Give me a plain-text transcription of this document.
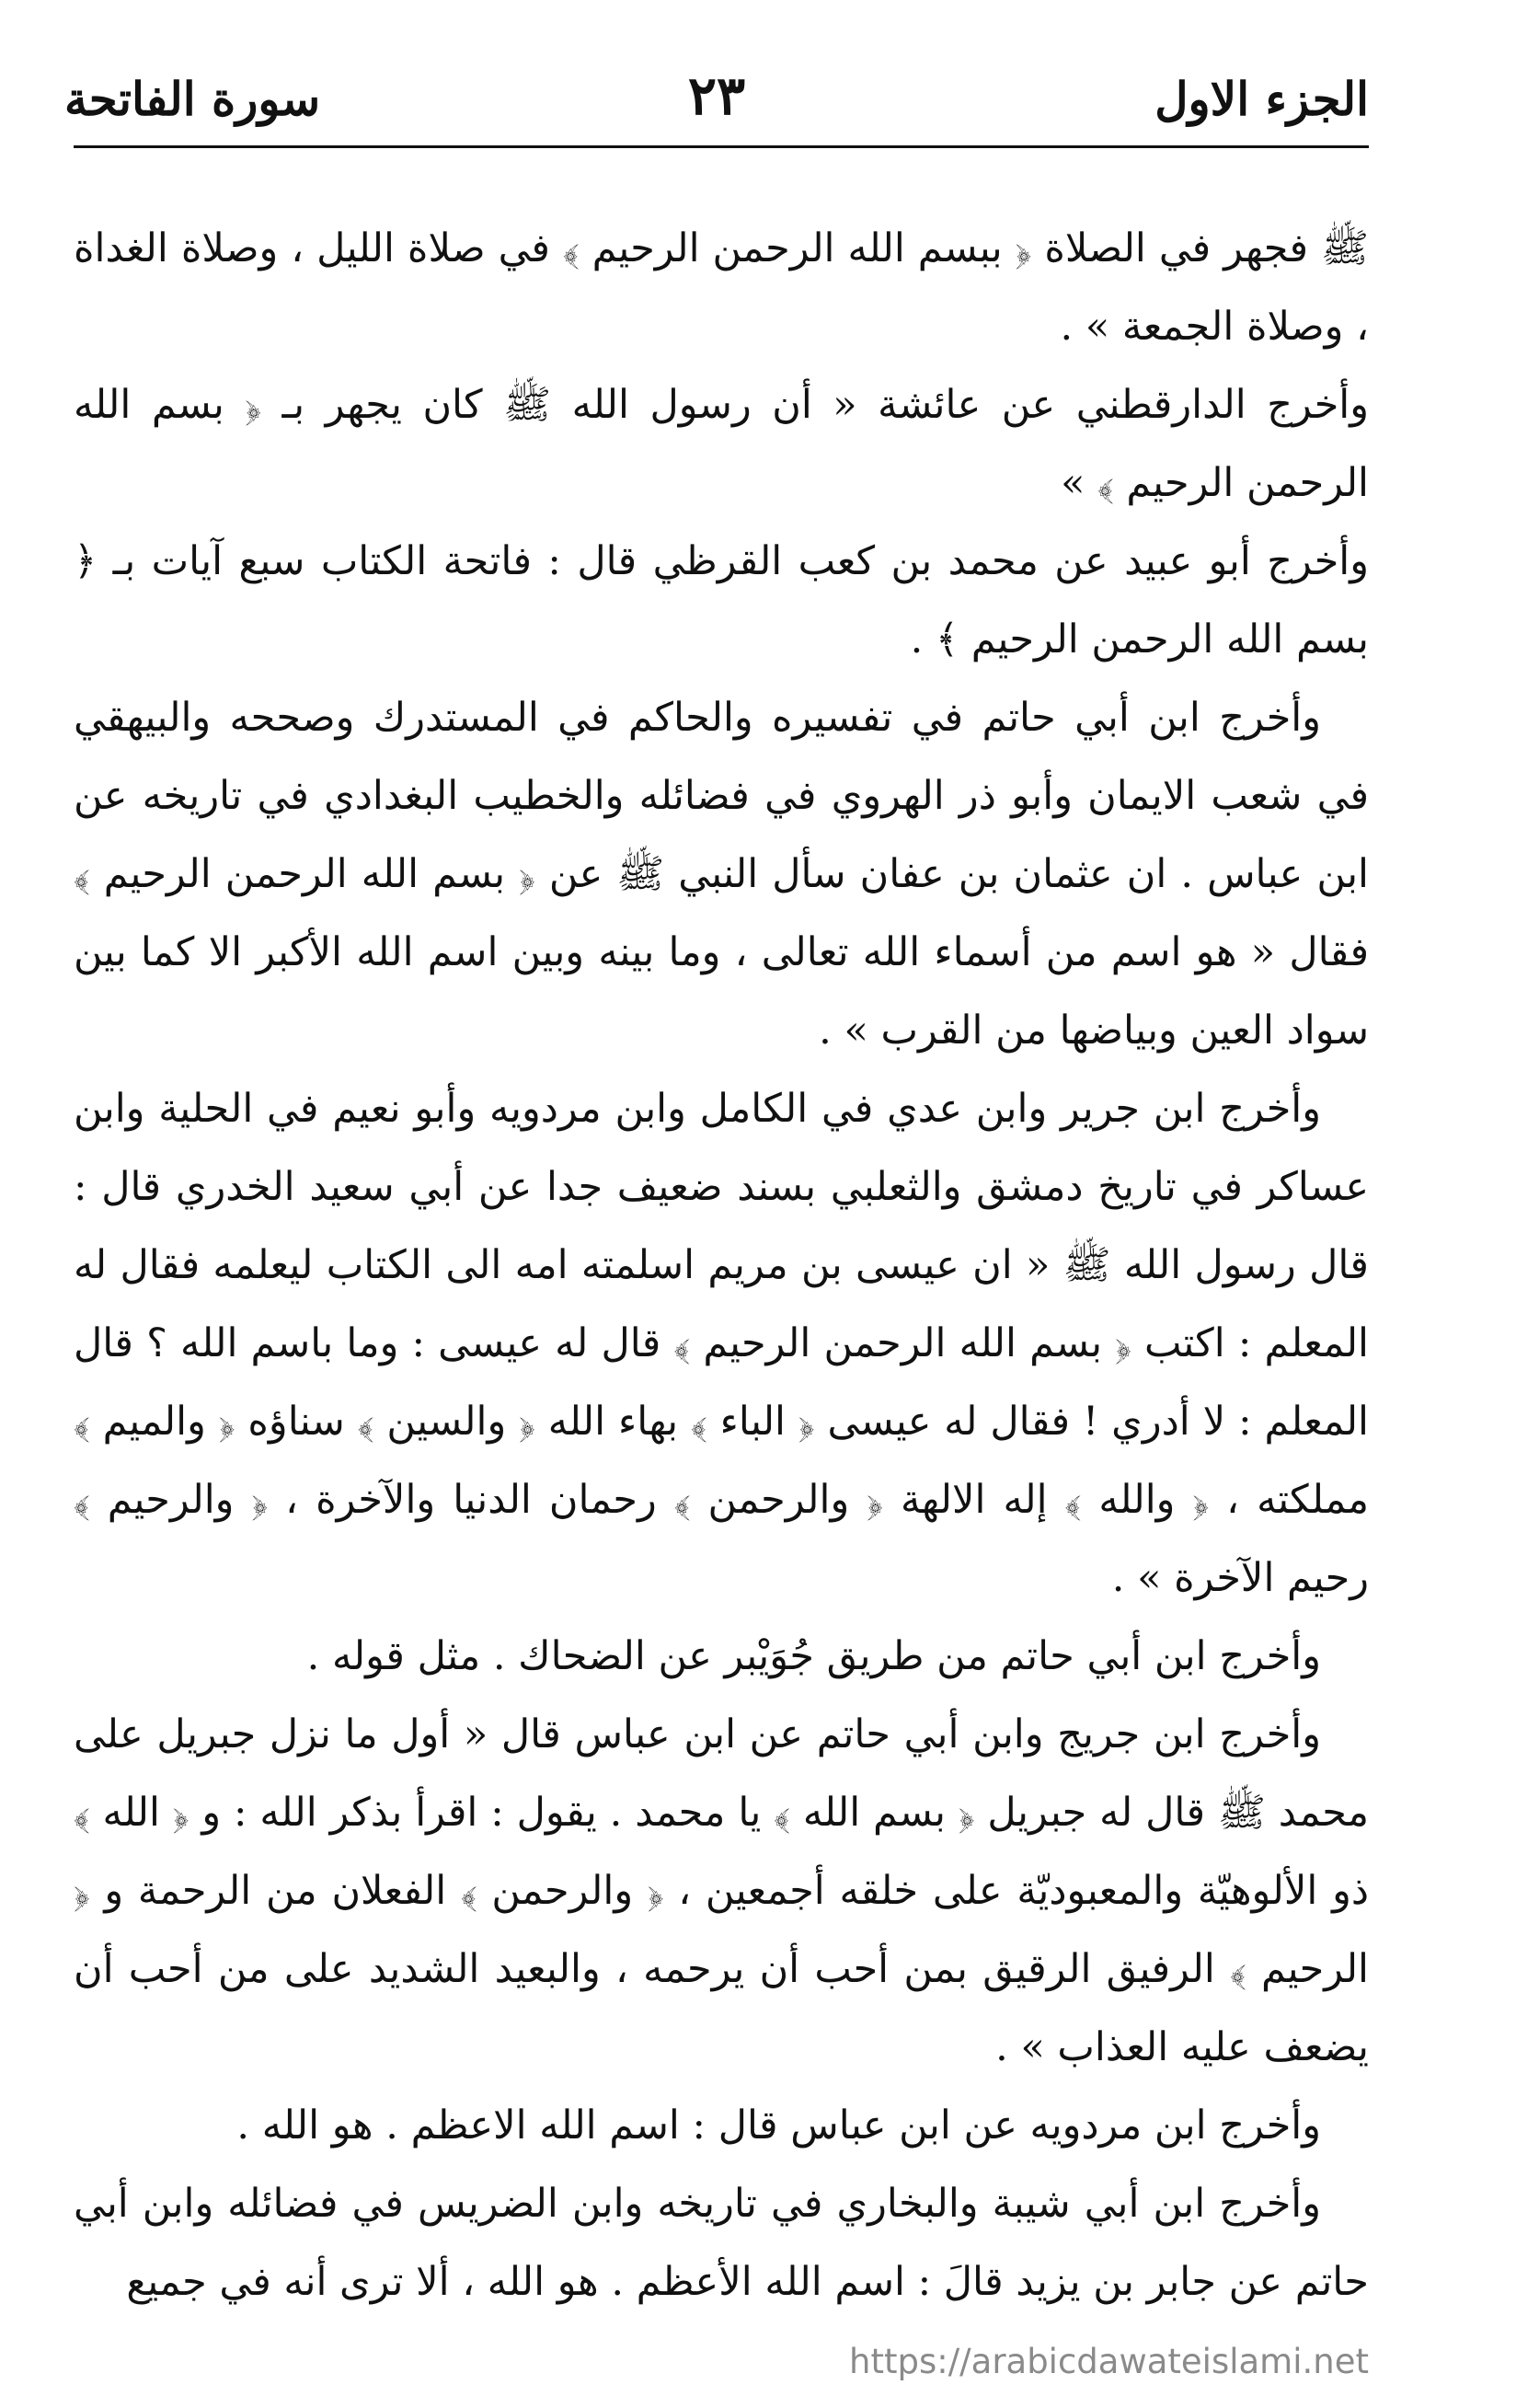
الجزء الاول
٢٣
سورة الفاتحة

ﷺ فجهر في الصلاة ﴿ ببسم الله الرحمن الرحيم ﴾ في صلاة الليل ، وصلاة الغداة ، وصلاة الجمعة » .

وأخرج الدارقطني عن عائشة « أن رسول الله ﷺ كان يجهر بـ ﴿ بسم الله الرحمن الرحيم ﴾ »

وأخرج أبو عبيد عن محمد بن كعب القرظي قال : فاتحة الكتاب سبع آيات بـ ﴿ بسم الله الرحمن الرحيم ﴾ .

وأخرج ابن أبي حاتم في تفسيره والحاكم في المستدرك وصححه والبيهقي في شعب الايمان وأبو ذر الهروي في فضائله والخطيب البغدادي في تاريخه عن ابن عباس . ان عثمان بن عفان سأل النبي ﷺ عن ﴿ بسم الله الرحمن الرحيم ﴾ فقال « هو اسم من أسماء الله تعالى ، وما بينه وبين اسم الله الأكبر الا كما بين سواد العين وبياضها من القرب » .

وأخرج ابن جرير وابن عدي في الكامل وابن مردويه وأبو نعيم في الحلية وابن عساكر في تاريخ دمشق والثعلبي بسند ضعيف جدا عن أبي سعيد الخدري قال : قال رسول الله ﷺ « ان عيسى بن مريم اسلمته امه الى الكتاب ليعلمه فقال له المعلم : اكتب ﴿ بسم الله الرحمن الرحيم ﴾ قال له عيسى : وما باسم الله ؟ قال المعلم : لا أدري ! فقال له عيسى ﴿ الباء ﴾ بهاء الله ﴿ والسين ﴾ سناؤه ﴿ والميم ﴾ مملكته ، ﴿ والله ﴾ إله الالهة ﴿ والرحمن ﴾ رحمان الدنيا والآخرة ، ﴿ والرحيم ﴾ رحيم الآخرة » .

وأخرج ابن أبي حاتم من طريق جُوَيْبر عن الضحاك . مثل قوله .

وأخرج ابن جريج وابن أبي حاتم عن ابن عباس قال « أول ما نزل جبريل على محمد ﷺ قال له جبريل ﴿ بسم الله ﴾ يا محمد . يقول : اقرأ بذكر الله : و ﴿ الله ﴾ ذو الألوهيّة والمعبوديّة على خلقه أجمعين ، ﴿ والرحمن ﴾ الفعلان من الرحمة و ﴿ الرحيم ﴾ الرفيق الرقيق بمن أحب أن يرحمه ، والبعيد الشديد على من أحب أن يضعف عليه العذاب » .

وأخرج ابن مردويه عن ابن عباس قال : اسم الله الاعظم . هو الله .

وأخرج ابن أبي شيبة والبخاري في تاريخه وابن الضريس في فضائله وابن أبي حاتم عن جابر بن يزيد قالَ : اسم الله الأعظم . هو الله ، ألا ترى أنه في جميع

https://arabicdawateislami.net
